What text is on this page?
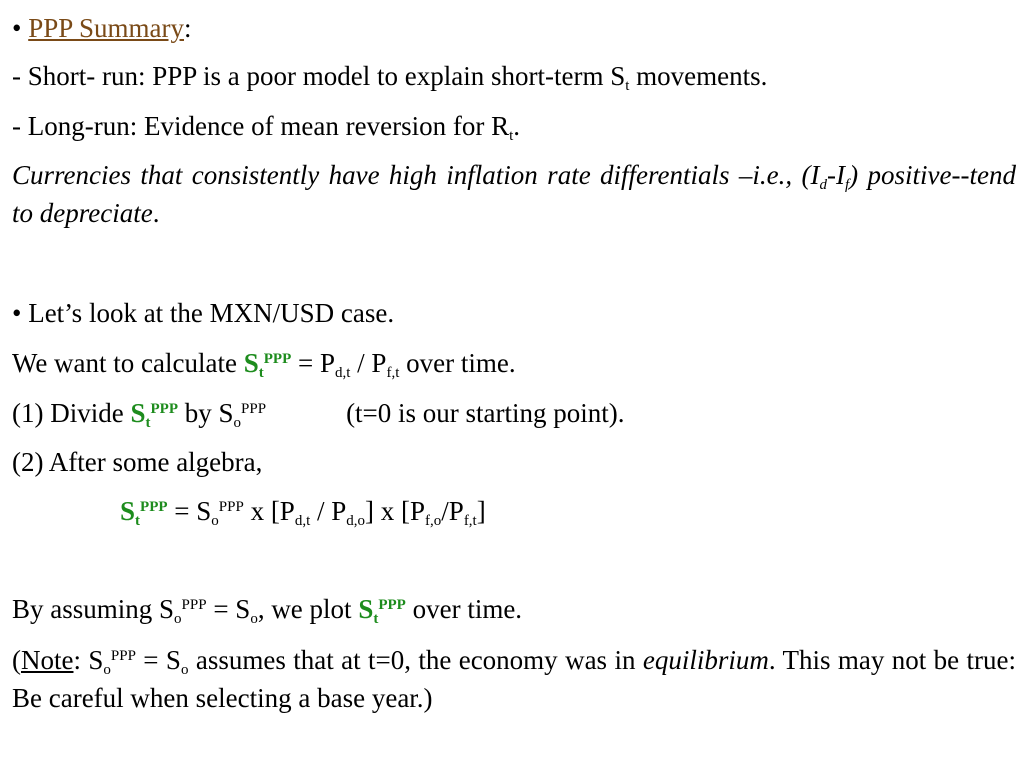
• PPP Summary:
- Short- run: PPP is a poor model to explain short-term $S_t$ movements.
- Long-run: Evidence of mean reversion for $R_t$.
Currencies that consistently have high inflation rate differentials –i.e., $(I_d-I_f)$ positive--tend to depreciate.
• Let’s look at the MXN/USD case.
We want to calculate $S_t^{PPP} = P_{d,t} / P_{f,t}$ over time.
(1) Divide $S_t^{PPP}$ by $S_o^{PPP}$	(t=0 is our starting point).
(2) After some algebra,
$S_t^{PPP} = S_o^{PPP}$ x $[P_{d,t} / P_{d,o}]$ x $[P_{f,o}/P_{f,t}]$
By assuming $S_o^{PPP} = S_o$, we plot $S_t^{PPP}$ over time.
(Note: $S_o^{PPP} = S_o$ assumes that at t=0, the economy was in equilibrium. This may not be true: Be careful when selecting a base year.)
